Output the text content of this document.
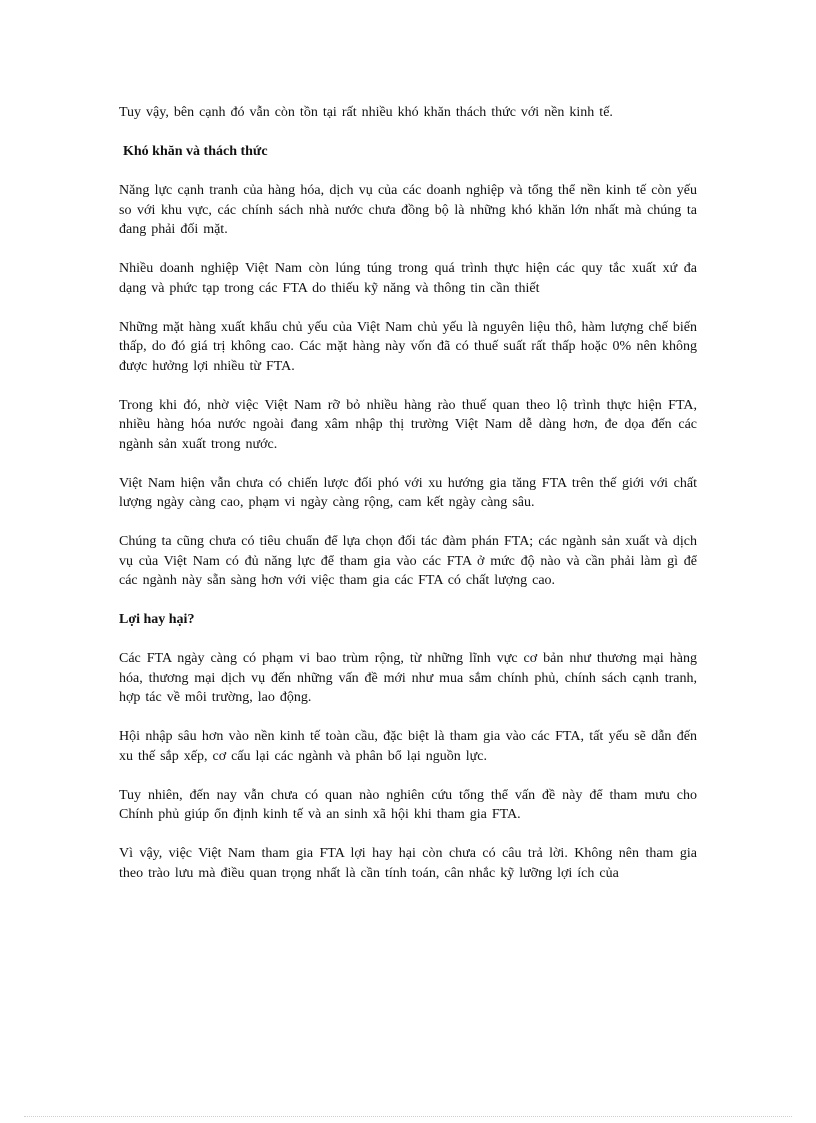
Tuy vậy, bên cạnh đó vẫn còn tồn tại rất nhiều khó khăn thách thức với nền kinh tế.

Khó khăn và thách thức

Năng lực cạnh tranh của hàng hóa, dịch vụ của các doanh nghiệp và tổng thể nền kinh tế còn yếu so với khu vực, các chính sách nhà nước chưa đồng bộ là những khó khăn lớn nhất mà chúng ta đang phải đối mặt.

Nhiều doanh nghiệp Việt Nam còn lúng túng trong quá trình thực hiện các quy tắc xuất xứ đa dạng và phức tạp trong các FTA do thiếu kỹ năng và thông tin cần thiết

Những mặt hàng xuất khẩu chủ yếu của Việt Nam chủ yếu là nguyên liệu thô, hàm lượng chế biến thấp, do đó giá trị không cao. Các mặt hàng này vốn đã có thuế suất rất thấp hoặc 0% nên không được hưởng lợi nhiều từ FTA.

Trong khi đó, nhờ việc Việt Nam rỡ bỏ nhiều hàng rào thuế quan theo lộ trình thực hiện FTA, nhiều hàng hóa nước ngoài đang xâm nhập thị trường Việt Nam dễ dàng hơn, đe dọa đến các ngành sản xuất trong nước.

Việt Nam hiện vẫn chưa có chiến lược đối phó với xu hướng gia tăng FTA trên thế giới với chất lượng ngày càng cao, phạm vi ngày càng rộng, cam kết ngày càng sâu.

Chúng ta cũng chưa có tiêu chuẩn để lựa chọn đối tác đàm phán FTA; các ngành sản xuất và dịch vụ của Việt Nam có đủ năng lực để tham gia vào các FTA ở mức độ nào và cần phải làm gì để các ngành này sẵn sàng hơn với việc tham gia các FTA có chất lượng cao.

Lợi hay hại?

Các FTA ngày càng có phạm vi bao trùm rộng, từ những lĩnh vực cơ bản như thương mại hàng hóa, thương mại dịch vụ đến những vấn đề mới như mua sắm chính phủ, chính sách cạnh tranh, hợp tác về môi trường, lao động.

Hội nhập sâu hơn vào nền kinh tế toàn cầu, đặc biệt là tham gia vào các FTA, tất yếu sẽ dẫn đến xu thế sắp xếp, cơ cấu lại các ngành và phân bổ lại nguồn lực.

Tuy nhiên, đến nay vẫn chưa có quan nào nghiên cứu tổng thể vấn đề này để tham mưu cho Chính phủ giúp ổn định kinh tế và an sinh xã hội khi tham gia FTA.

Vì vậy, việc Việt Nam tham gia FTA lợi hay hại còn chưa có câu trả lời. Không nên tham gia theo trào lưu mà điều quan trọng nhất là cần tính toán, cân nhắc kỹ lưỡng lợi ích của
